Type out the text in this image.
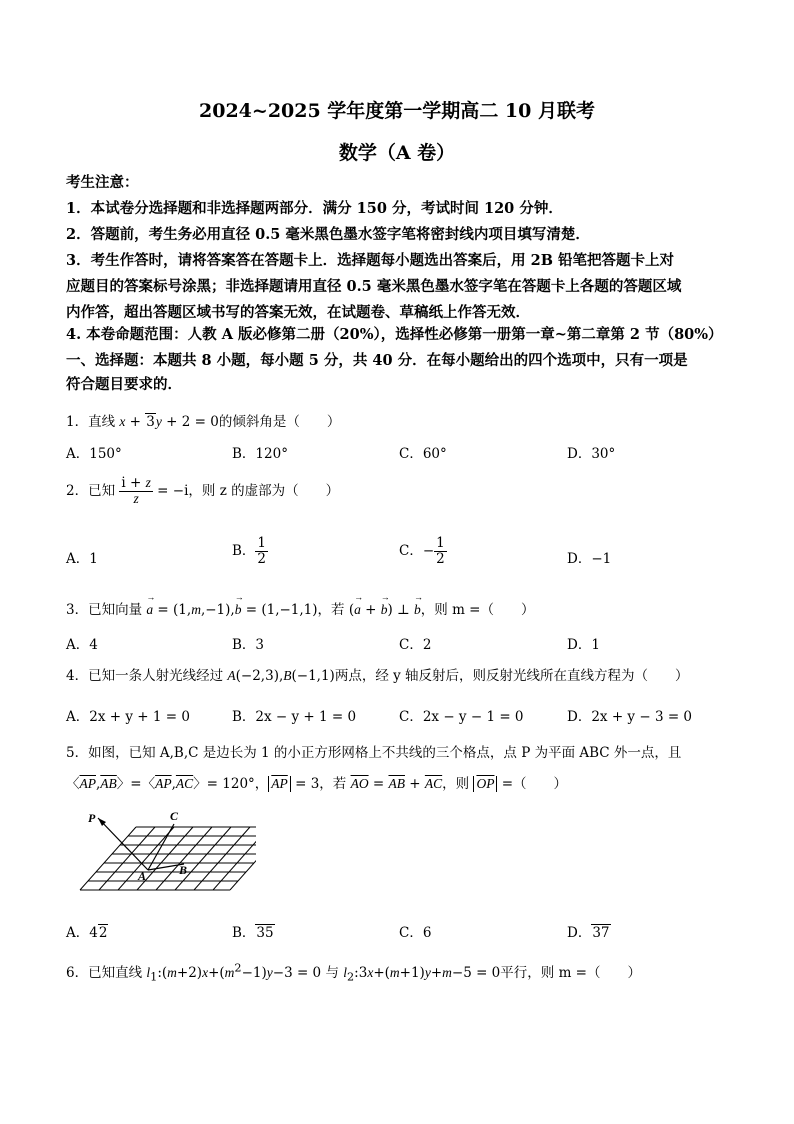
2024~2025 学年度第一学期高二 10 月联考
数学（A 卷）
考生注意：
1．本试卷分选择题和非选择题两部分．满分 150 分，考试时间 120 分钟．
2．答题前，考生务必用直径 0.5 毫米黑色墨水签字笔将密封线内项目填写清楚．
3．考生作答时，请将答案答在答题卡上．选择题每小题选出答案后，用 2B 铅笔把答题卡上对
应题目的答案标号涂黑；非选择题请用直径 0.5 毫米黑色墨水签字笔在答题卡上各题的答题区域
内作答，超出答题区域书写的答案无效，在试题卷、草稿纸上作答无效．
4. 本卷命题范围：人教 A 版必修第二册（20%），选择性必修第一册第一章~第二章第 2 节（80%）
一、选择题：本题共 8 小题，每小题 5 分，共 40 分．在每小题给出的四个选项中，只有一项是
符合题目要求的．
1．直线 x + 3y + 2 = 0的倾斜角是（　　）
A．150°	B．120°	C．60°	D．30°
2．已知 $\frac{i + z}{z} = -i$，则 z 的虚部为（　　）
A．1
B． $\frac{1}{2}$	C．− $\frac{1}{2}$	D．−1
3．已知向量 → a = (1,m,−1),→ b = (1,−1,1)，若 (→ a + → b) ⊥ → b，则 m =（　　）
A．4	B．3	C．2	D．1
4．已知一条人射光线经过 A(−2,3),B(−1,1)两点，经 y 轴反射后，则反射光线所在直线方程为（　　）
A．2x + y + 1 = 0	B．2x − y + 1 = 0	C．2x − y − 1 = 0	D．2x + y − 3 = 0
5．如图，已知 A,B,C 是边长为 1 的小正方形网格上不共线的三个格点，点 P 为平面 ABC 外一点，且
〈$\overline{AP},\overline{AB}$〉=〈$\overline{AP},\overline{AC}$〉= 120°， $\overline{AP} = 3$，若 $\overline{AO} = \overline{AB} + \overline{AC}$，则 $\overline{OP}$ =（　　）
P	C
A	B
A．42	B．35	C．6	D．37
6．已知直线 $l_1:(m+2)x+(m^2-1)y-3 = 0$ 与 $l_2:3x+(m+1)y+m-5 = 0$平行，则 m =（　　）
